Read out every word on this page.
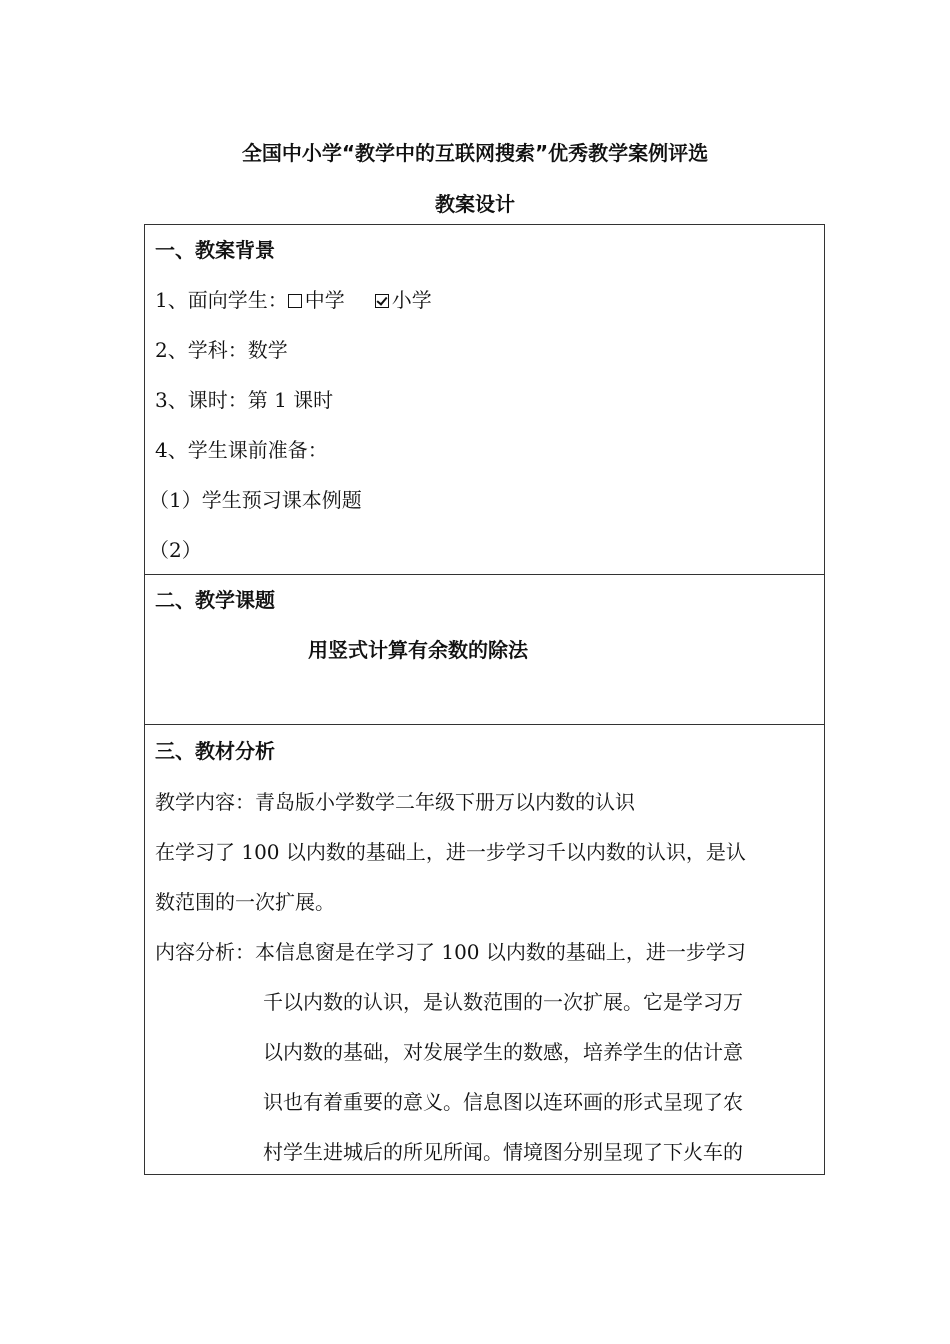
全国中小学“教学中的互联网搜索”优秀教学案例评选
教案设计
一、教案背景
1、面向学生： 中学 小学
2、学科：数学
3、课时：第 1 课时
4、学生课前准备：
（1）学生预习课本例题
（2）
二、教学课题
用竖式计算有余数的除法
三、教材分析
教学内容：青岛版小学数学二年级下册万以内数的认识
在学习了 100 以内数的基础上，进一步学习千以内数的认识，是认
数范围的一次扩展。
内容分析：本信息窗是在学习了 100 以内数的基础上，进一步学习
千以内数的认识，是认数范围的一次扩展。它是学习万
以内数的基础，对发展学生的数感，培养学生的估计意
识也有着重要的意义。信息图以连环画的形式呈现了农
村学生进城后的所见所闻。情境图分别呈现了下火车的
